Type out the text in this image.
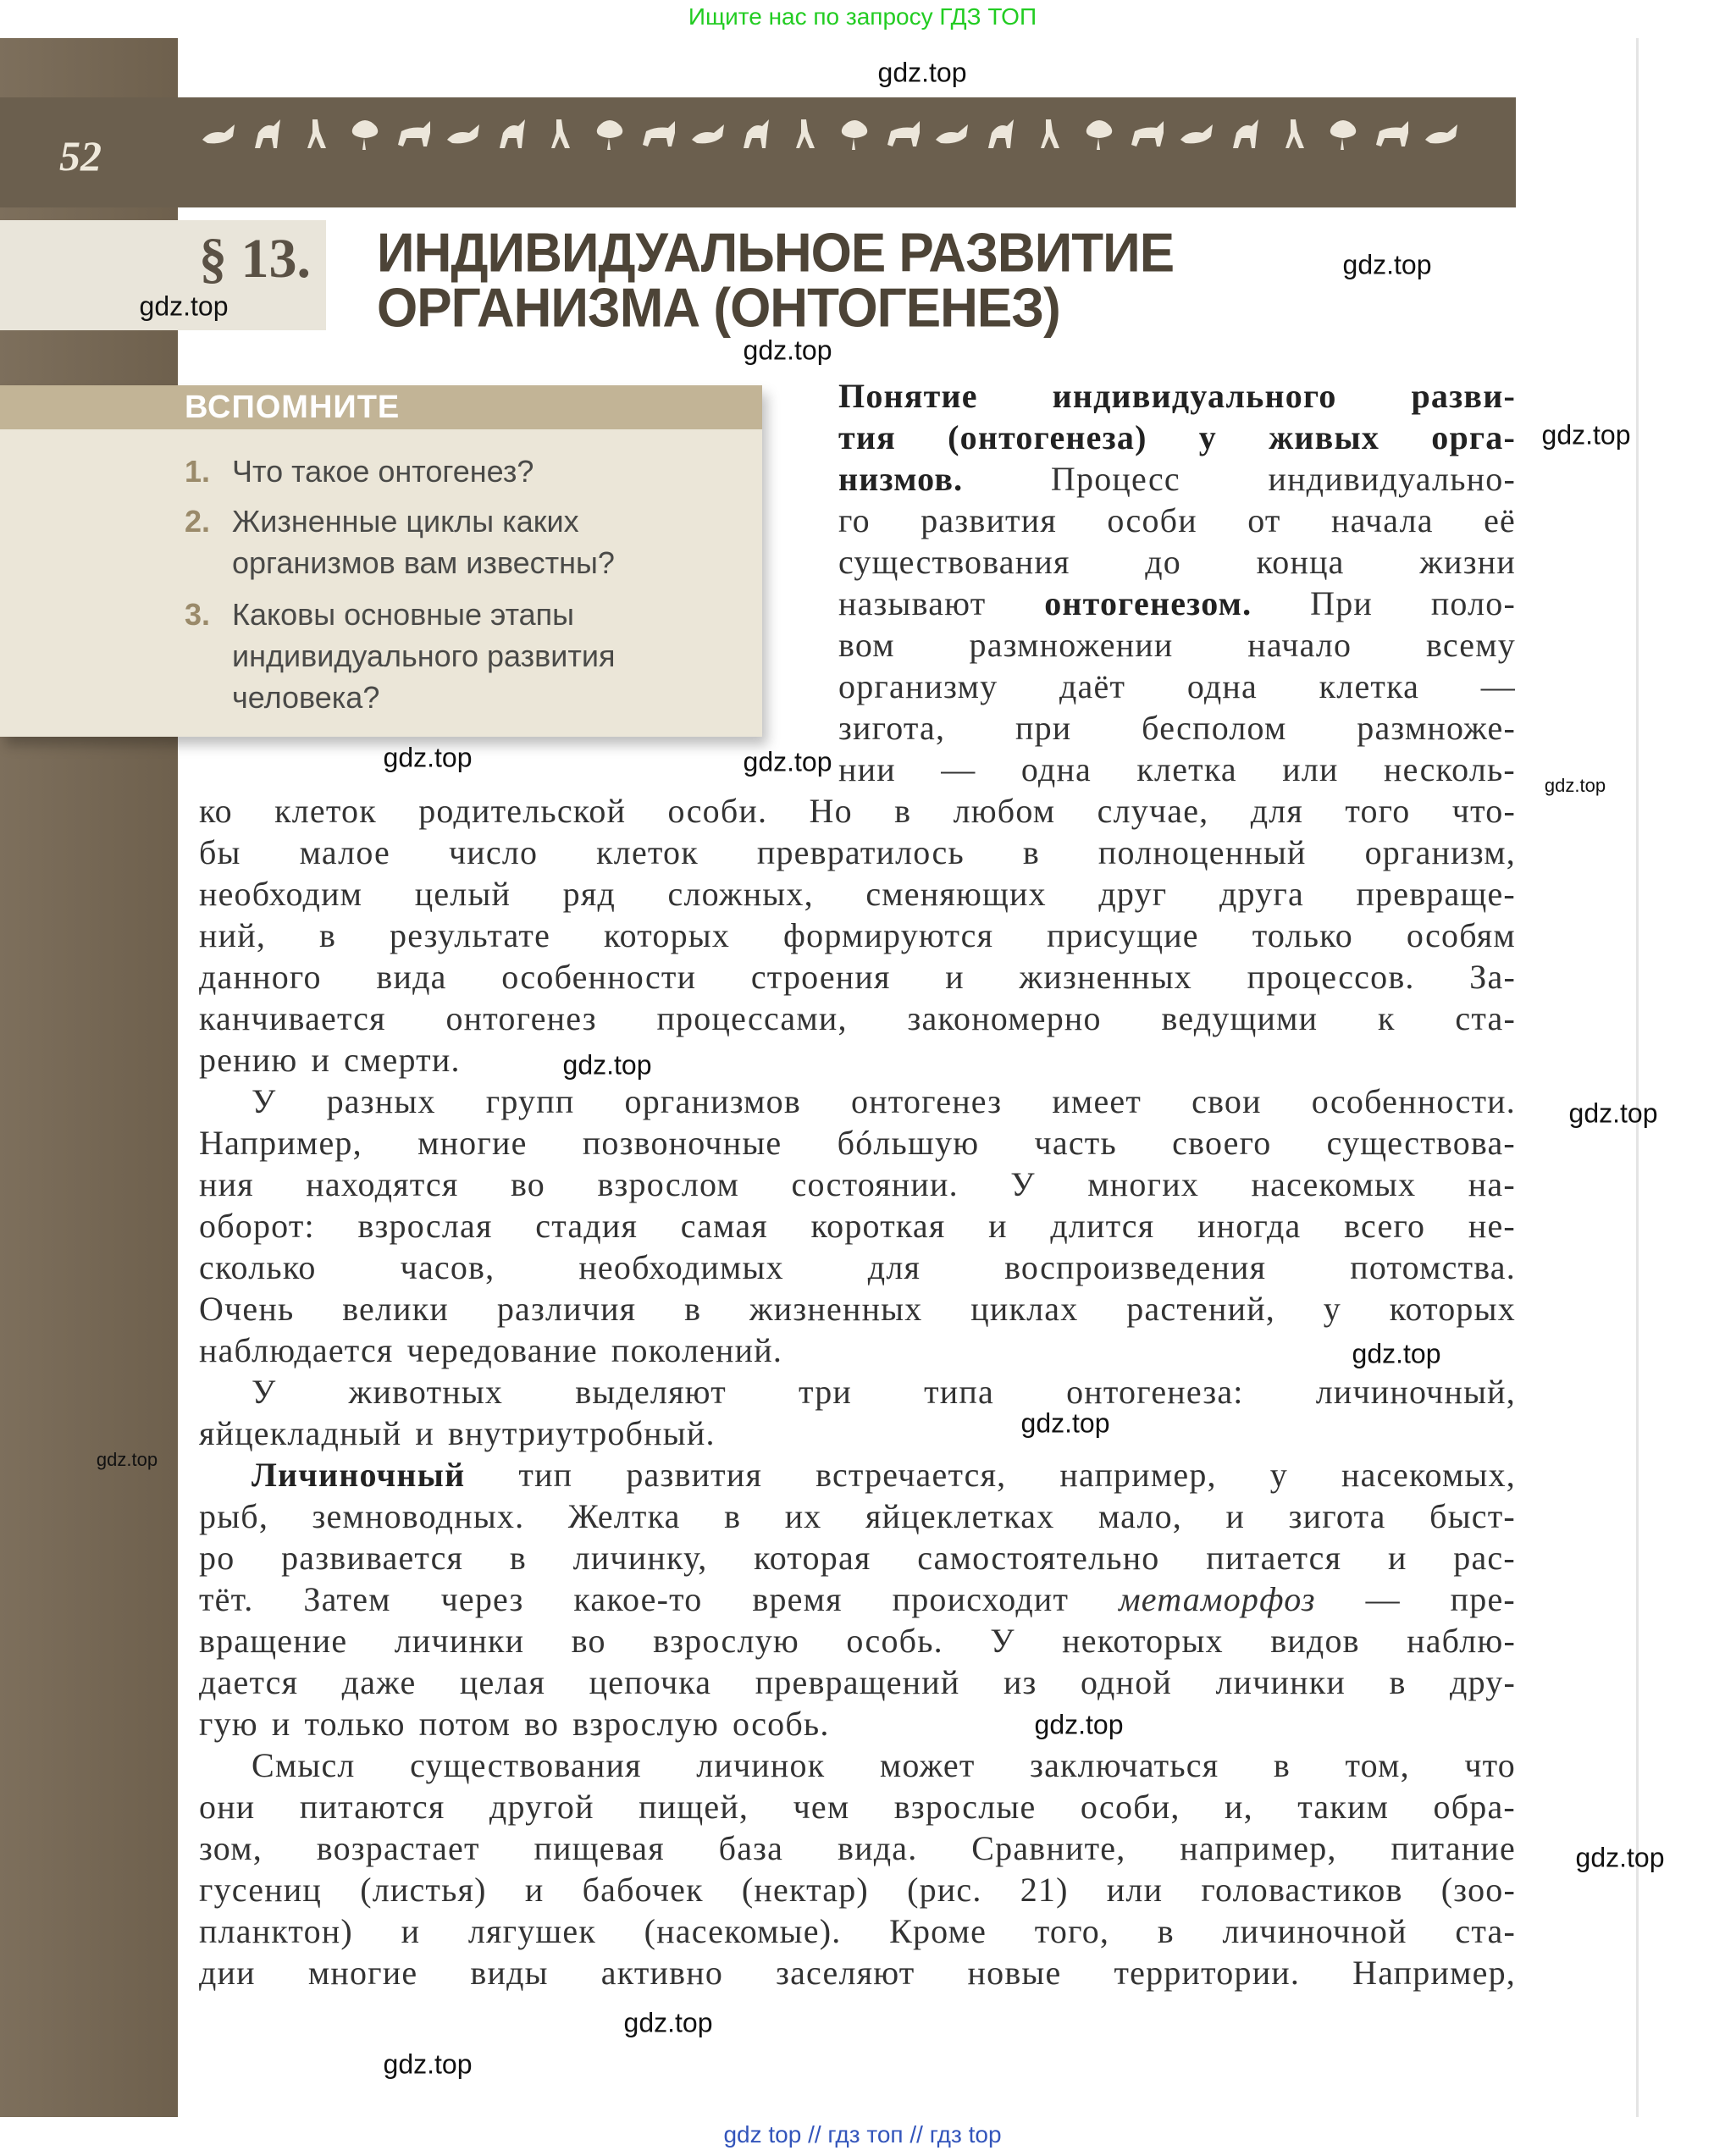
Ищите нас по запросу ГДЗ ТОП
52
§ 13. ИНДИВИДУАЛЬНОЕ РАЗВИТИЕ
ОРГАНИЗМА (ОНТОГЕНЕЗ)
ВСПОМНИТЕ
1. Что такое онтогенез?
2. Жизненные циклы каких организмов вам известны?
3. Каковы основные этапы индивидуального развития человека?
Понятие индивидуального разви-
тия (онтогенеза) у живых орга-
низмов.	Процесс	индивидуально-
го развития особи от начала её
существования до конца жизни
называют онтогенезом. При поло-
вом размножении начало всему
организму даёт одна клетка —
зигота, при бесполом размноже-
нии — одна клетка или несколь-
ко клеток родительской особи. Но в любом случае, для того что-
бы малое число клеток превратилось в полноценный организм,
необходим целый ряд сложных, сменяющих друг друга превраще-
ний, в результате которых формируются присущие только особям
данного вида особенности строения и жизненных процессов. За-
канчивается онтогенез процессами, закономерно ведущими к ста-
рению и смерти.
У разных групп организмов онтогенез имеет свои особенности.
Например, многие позвоночные бóльшую часть своего существова-
ния находятся во взрослом состоянии. У многих насекомых на-
оборот: взрослая стадия самая короткая и длится иногда всего не-
сколько часов, необходимых для воспроизведения потомства.
Очень велики различия в жизненных циклах растений, у которых
наблюдается чередование поколений.
У животных выделяют три типа онтогенеза: личиночный,
яйцекладный и внутриутробный.
Личиночный тип развития встречается, например, у насекомых,
рыб, земноводных. Желтка в их яйцеклетках мало, и зигота быст-
ро развивается в личинку, которая самостоятельно питается и рас-
тёт. Затем через какое-то время происходит метаморфоз — пре-
вращение личинки во взрослую особь. У некоторых видов наблю-
дается даже целая цепочка превращений из одной личинки в дру-
гую и только потом во взрослую особь.
Смысл существования личинок может заключаться в том, что
они питаются другой пищей, чем взрослые особи, и, таким обра-
зом, возрастает пищевая база вида. Сравните, например, питание
гусениц (листья) и бабочек (нектар) (рис. 21) или головастиков (зоо-
планктон) и лягушек (насекомые). Кроме того, в личиночной ста-
дии многие виды активно заселяют новые территории. Например,
gdz.top
gdz.top
gdz.top
gdz.top
gdz.top
gdz.top
gdz.top
gdz.top
gdz.top
gdz.top
gdz.top
gdz.top
gdz.top
gdz.top
gdz.top
gdz.top
gdz.top
gdz top // гдз топ // гдз top
